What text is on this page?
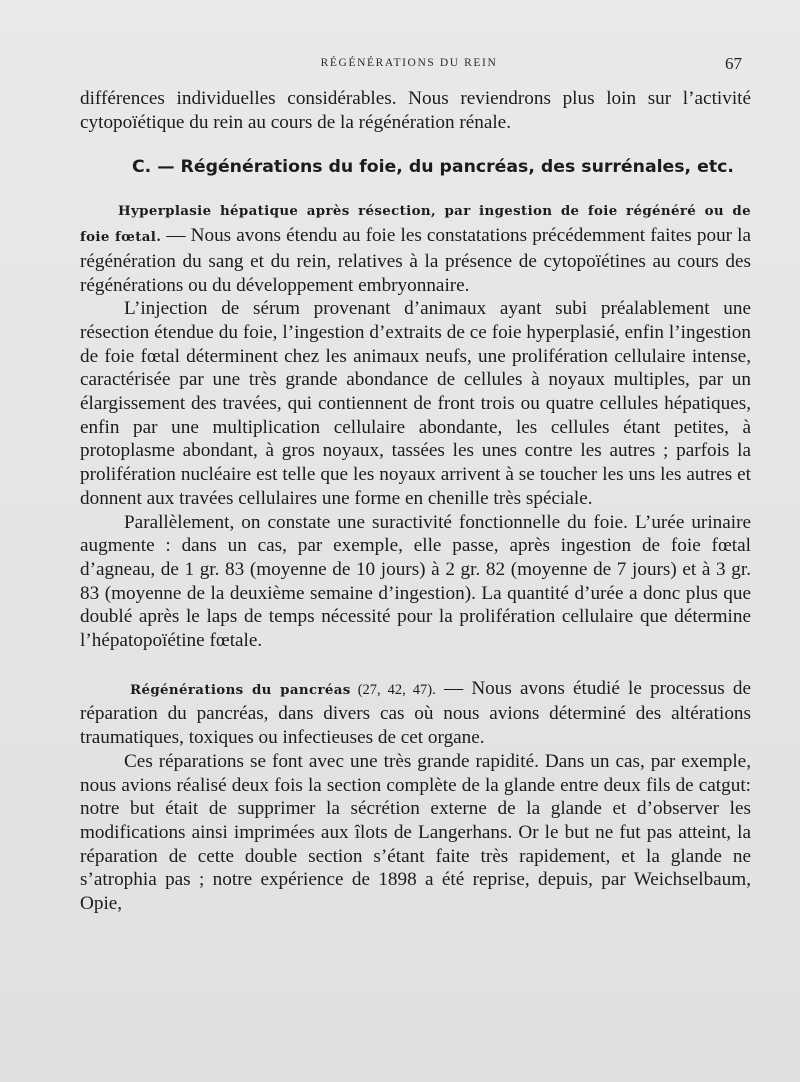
RÉGÉNÉRATIONS DU REIN	67

différences individuelles considérables. Nous reviendrons plus loin sur l’activité cytopoïétique du rein au cours de la régénération rénale.

C. — Régénérations du foie, du pancréas, des surrénales, etc.

Hyperplasie hépatique après résection, par ingestion de foie régénéré ou de foie fœtal. — Nous avons étendu au foie les constatations précédemment faites pour la régénération du sang et du rein, relatives à la présence de cytopoïétines au cours des régénérations ou du développement embryonnaire.

L’injection de sérum provenant d’animaux ayant subi préalablement une résection étendue du foie, l’ingestion d’extraits de ce foie hyperplasié, enfin l’ingestion de foie fœtal déterminent chez les animaux neufs, une prolifération cellulaire intense, caractérisée par une très grande abondance de cellules à noyaux multiples, par un élargissement des travées, qui contiennent de front trois ou quatre cellules hépatiques, enfin par une multiplication cellulaire abondante, les cellules étant petites, à protoplasme abondant, à gros noyaux, tassées les unes contre les autres ; parfois la prolifération nucléaire est telle que les noyaux arrivent à se toucher les uns les autres et donnent aux travées cellulaires une forme en chenille très spéciale.

Parallèlement, on constate une suractivité fonctionnelle du foie. L’urée urinaire augmente : dans un cas, par exemple, elle passe, après ingestion de foie fœtal d’agneau, de 1 gr. 83 (moyenne de 10 jours) à 2 gr. 82 (moyenne de 7 jours) et à 3 gr. 83 (moyenne de la deuxième semaine d’ingestion). La quantité d’urée a donc plus que doublé après le laps de temps nécessité pour la prolifération cellulaire que détermine l’hépatopoïétine fœtale.

Régénérations du pancréas (27, 42, 47). — Nous avons étudié le processus de réparation du pancréas, dans divers cas où nous avions déterminé des altérations traumatiques, toxiques ou infectieuses de cet organe.

Ces réparations se font avec une très grande rapidité. Dans un cas, par exemple, nous avions réalisé deux fois la section complète de la glande entre deux fils de catgut: notre but était de supprimer la sécrétion externe de la glande et d’observer les modifications ainsi imprimées aux îlots de Langerhans. Or le but ne fut pas atteint, la réparation de cette double section s’étant faite très rapidement, et la glande ne s’atrophia pas ; notre expérience de 1898 a été reprise, depuis, par Weichselbaum, Opie,
